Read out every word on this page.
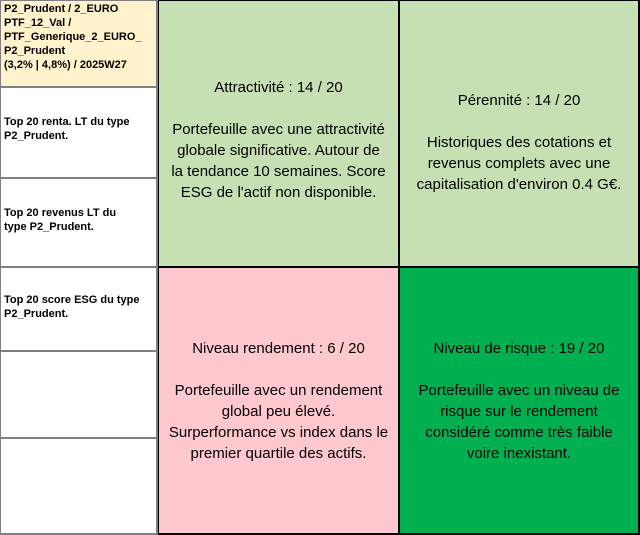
P2_Prudent / 2_EURO
PTF_12_Val /
PTF_Generique_2_EURO_
P2_Prudent
(3,2% | 4,8%) / 2025W27
Top 20 renta. LT du type
P2_Prudent.
Top 20 revenus LT du
type P2_Prudent.
Top 20 score ESG du type
P2_Prudent.
Attractivité : 14 / 20
Portefeuille avec une attractivité
globale significative. Autour de
la tendance 10 semaines. Score
ESG de l'actif non disponible.
Pérennité : 14 / 20
Historiques des cotations et
revenus complets avec une
capitalisation d'environ 0.4 G€.
Niveau rendement : 6 / 20
Portefeuille avec un rendement
global peu élevé.
Surperformance vs index dans le
premier quartile des actifs.
Niveau de risque : 19 / 20
Portefeuille avec un niveau de
risque sur le rendement
considéré comme très faible
voire inexistant.
